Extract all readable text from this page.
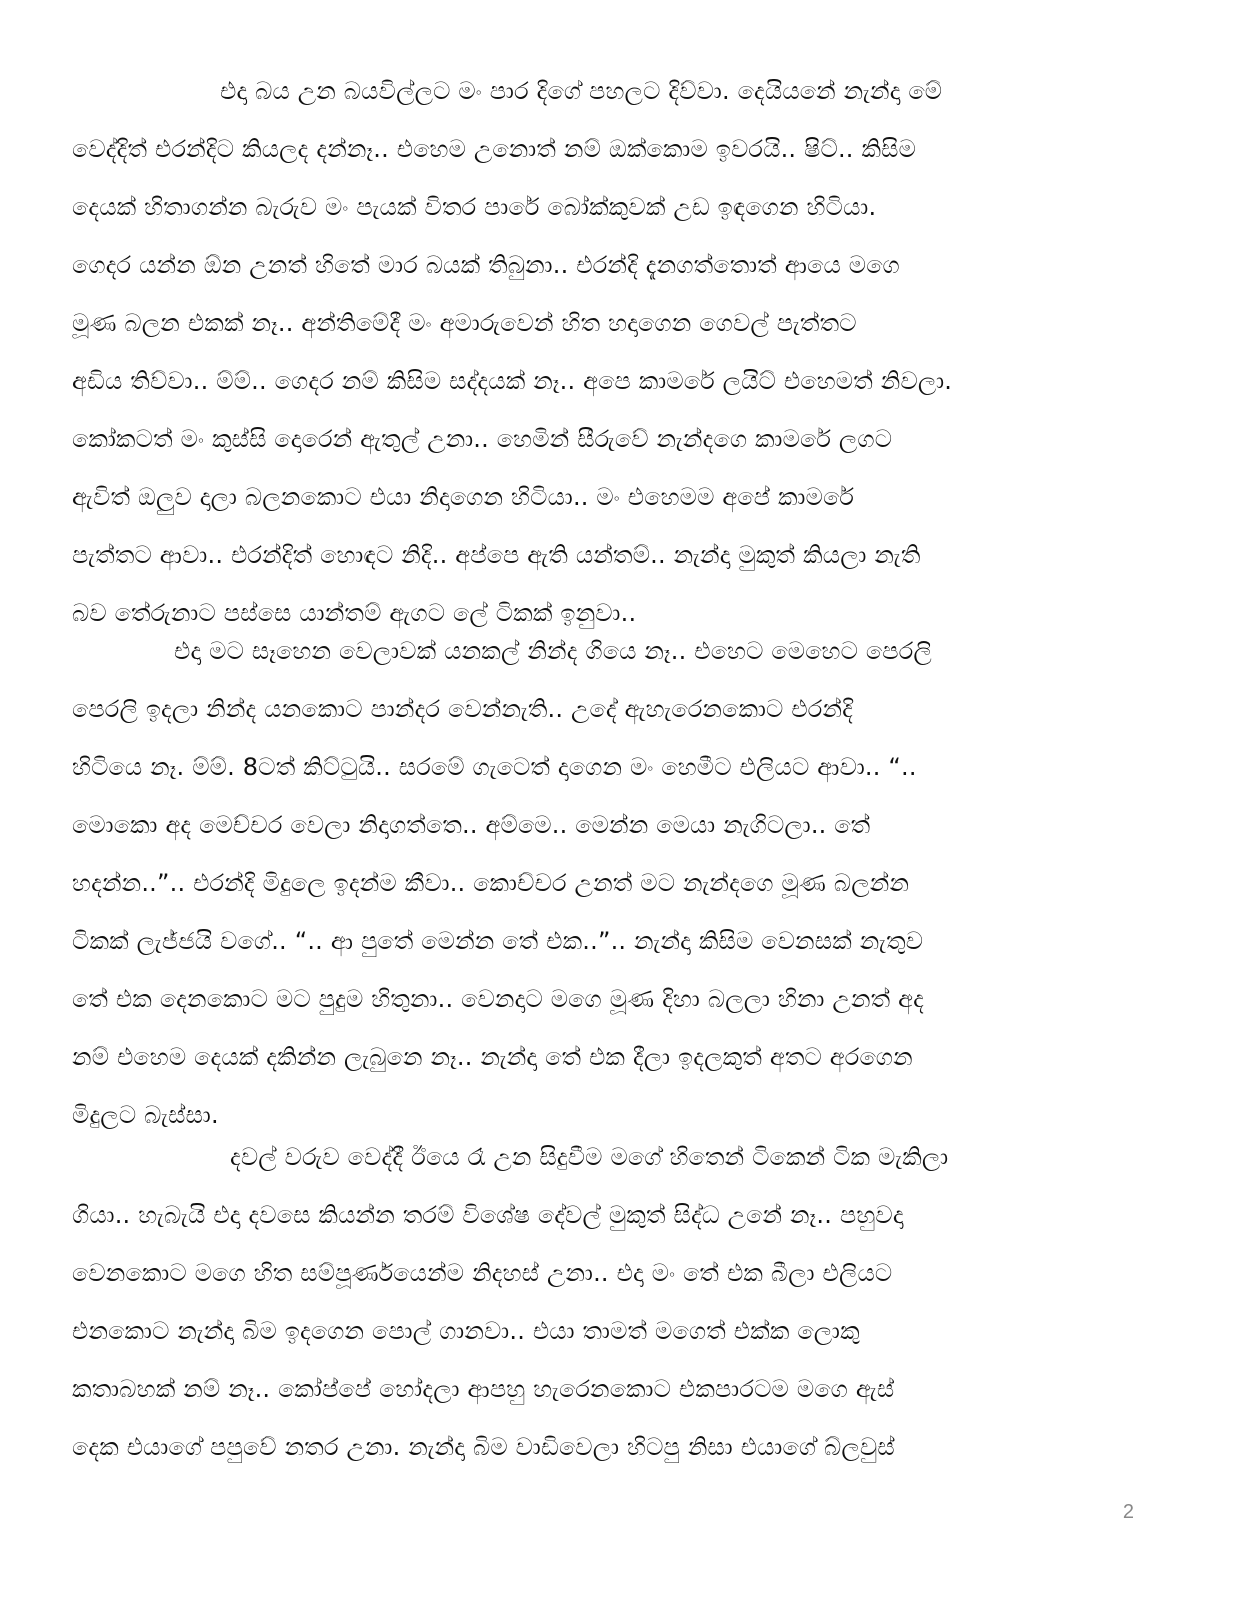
එදා බය උන බයවිල්ලට මං පාර දිගේ පහලට දිව්වා. දෙයියනේ නැන්දා මේ
වෙද්දිත් එරන්දිට කියලද දන්නෑ.. එහෙම උනොත් නම් ඔක්කොම ඉවරයි.. ෂිට්.. කිසිම
දෙයක් හිතාගන්න බැරුව මං පැයක් විතර පාරේ බෝක්කුවක් උඩ ඉඳගෙන හිටියා.
ගෙදර යන්න ඕන උනත් හිතේ මාර බයක් තිබුනා.. එරන්දි දැනගත්තොත් ආයෙ මගෙ
මූණ බලන එකක් නෑ.. අන්තිමේදී මං අමාරුවෙන් හිත හදාගෙන ගෙවල් පැත්තට
අඩිය තිව්වා.. ම්ම්.. ගෙදර නම් කිසිම සද්දයක් නෑ.. අපෙ කාමරේ ලයිට් එහෙමත් නිවලා.
කෝකටත් මං කුස්සි දොරෙන් ඇතුල් උනා.. හෙමින් සීරුවේ නැන්දගෙ කාමරේ ලගට
ඇවිත් ඔලුව දාලා බලනකොට එයා නිදාගෙන හිටියා.. මං එහෙමම අපේ කාමරේ
පැත්තට ආවා.. එරන්දිත් හොඳට නිදි.. අප්පෙ ඇති යන්තම්.. නැන්දා මුකුත් කියලා නැති
බව තේරුනාට පස්සෙ යාන්තම් ඇගට ලේ ටිකක් ඉනුවා..
එදා මට සෑහෙන වෙලාවක් යනකල් නින්ද ගියෙ නෑ.. එහෙට මෙහෙට පෙරලි
පෙරලි ඉදලා නින්ද යනකොට පාන්දර වෙන්නැති.. උදේ ඇහැරෙනකොට එරන්දි
හිටියෙ නෑ. ම්ම්. 8ටත් කිට්ටුයි.. සරමේ ගැටෙත් දාගෙන මං හෙමීට එලියට ආවා.. “..
මොකො අද මෙච්චර වෙලා නිදාගත්තෙ.. අම්මෙ.. මෙන්න මෙයා නැගිටලා.. තේ
හදන්න..”.. එරන්දි මිදුලෙ ඉදන්ම කීවා.. කොච්චර උනත් මට නැන්දගෙ මූණ බලන්න
ටිකක් ලැජ්ජයි වගේ.. “.. ආ පුතේ මෙන්න තේ එක..”.. නැන්දා කිසිම වෙනසක් නැතුව
තේ එක දෙනකොට මට පුදුම හිතුනා.. වෙනදාට මගෙ මූණ දිහා බලලා හිනා උනත් අද
නම් එහෙම දෙයක් දකින්න ලැබුනෙ නෑ.. නැන්දා තේ එක දීලා ඉදලකුත් අතට අරගෙන
මිදුලට බැස්සා.
දවල් වරුව වෙද්දී ඊයෙ රෑ උන සිදුවීම මගේ හිතෙන් ටිකෙන් ටික මැකිලා
ගියා.. හැබැයි එදා දවසෙ කියන්න තරම් විශේෂ දේවල් මුකුත් සිද්ධ උනේ නෑ.. පහුවදා
වෙනකොට මගෙ හිත සම්පූර්ණයෙන්ම නිදහස් උනා.. එදා මං තේ එක බීලා එලියට
එනකොට නැන්දා බිම ඉදගෙන පොල් ගානවා.. එයා තාමත් මගෙත් එක්ක ලොකු
කතාබහක් නම් නෑ.. කෝප්පේ හෝදලා ආපහු හැරෙනකොට එකපාරටම මගෙ ඇස්
දෙක එයාගේ පපුවේ නතර උනා. නැන්දා බිම වාඩිවෙලා හිටපු නිසා එයාගේ බ්ලවුස්
2
